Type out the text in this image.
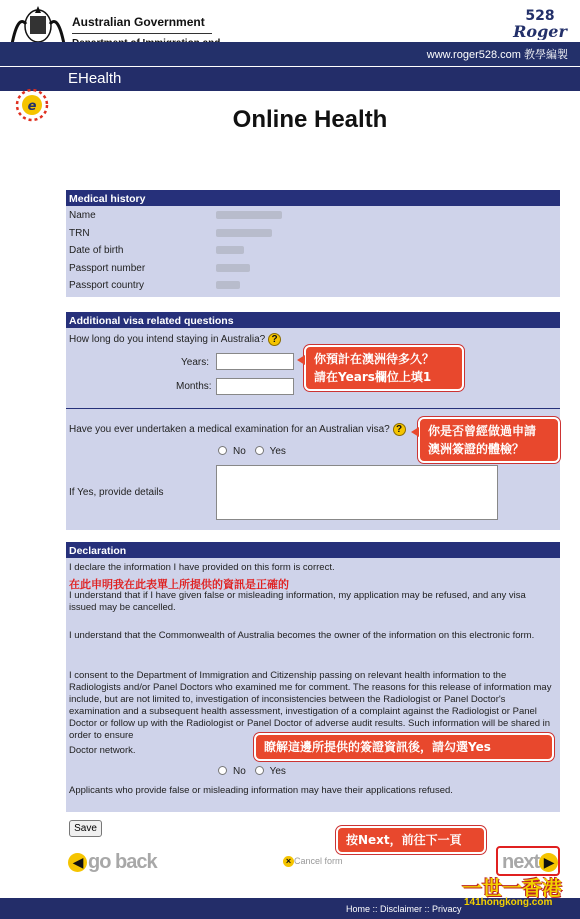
Australian Government	528
Roger
www.roger528.com 教學編製
EHealth
e	Online Health
Medical history
Name
TRN
Date of birth
Passport number
Passport country
Additional visa related questions
How long do you intend staying in Australia? ?
Years:
Months:
Have you ever undertaken a medical examination for an Australian visa? ?
No Yes
If Yes, provide details
Declaration
I declare the information I have provided on this form is correct.
I understand that if I have given false or misleading information, my application may be refused, and any visa issued may be cancelled.
I understand that the Commonwealth of Australia becomes the owner of the information on this electronic form.
I consent to the Department of Immigration and Citizenship passing on relevant health information to the Radiologists and/or Panel Doctors who examined me for comment. The reasons for this release of information may include, but are not limited to, investigation of inconsistencies between the Radiologist or Panel Doctor's examination and a subsequent health assessment, investigation of a complaint against the Radiologist or Panel Doctor or follow up with the Radiologist or Panel Doctor of adverse audit results. Such information will be shared in order to ensure
Doctor network.
No Yes
Applicants who provide false or misleading information may have their applications refused.
在此申明我在此表單上所提供的資訊是正確的
你預計在澳洲待多久？
請在Years欄位上填1
你是否曾經做過申請
澳洲簽證的體檢？
瞭解這邊所提供的簽證資訊後，請勾選Yes
按Next，前往下一頁
Save
◀ go back	× Cancel form	next ▶
Home :: Disclaimer :: Privacy
一世一香港
141hongkong.com
